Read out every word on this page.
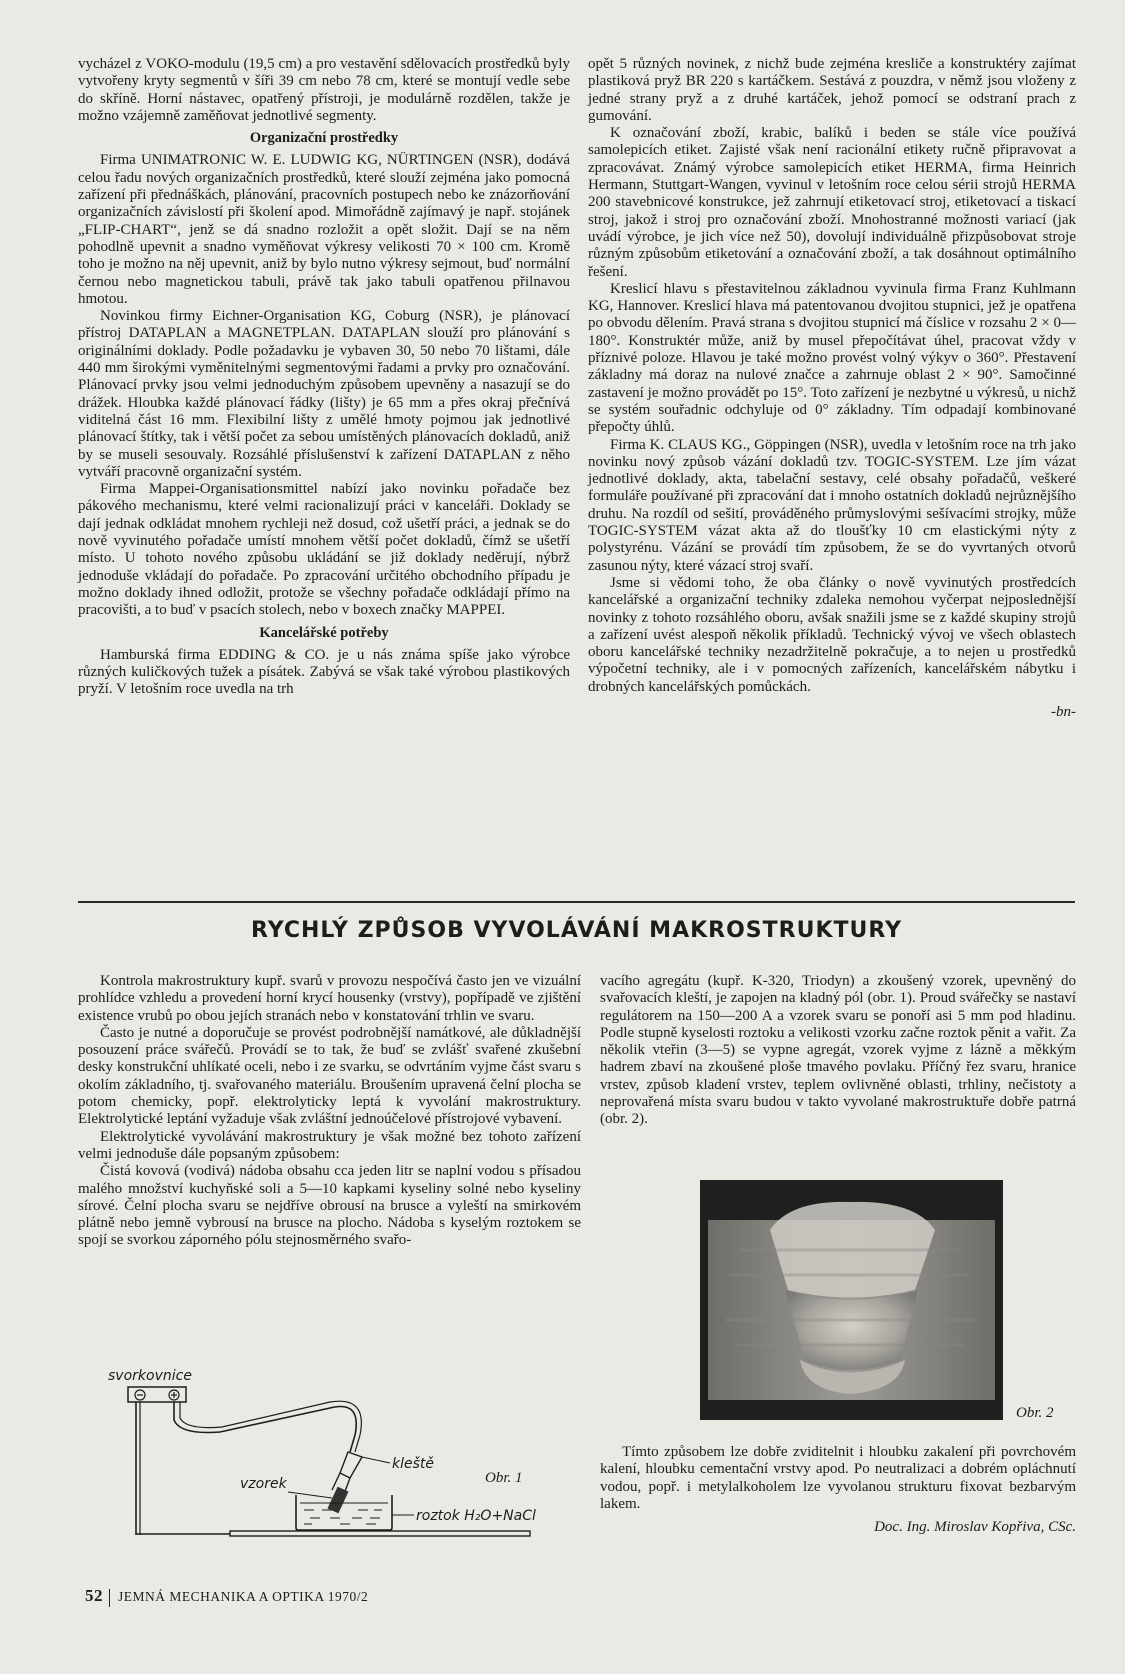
vycházel z VOKO-modulu (19,5 cm) a pro vestavění sdělovacích prostředků byly vytvořeny kryty segmentů v šíři 39 cm nebo 78 cm, které se montují vedle sebe do skříně. Horní nástavec, opatřený přístroji, je modulárně rozdělen, takže je možno vzájemně zaměňovat jednotlivé segmenty.

Organizační prostředky

Firma UNIMATRONIC W. E. LUDWIG KG, NÜRTINGEN (NSR), dodává celou řadu nových organizačních prostředků, které slouží zejména jako pomocná zařízení při přednáškách, plánování, pracovních postupech nebo ke znázorňování organizačních závislostí při školení apod. Mimořádně zajímavý je např. stojánek „FLIP-CHART“, jenž se dá snadno rozložit a opět složit. Dají se na něm pohodlně upevnit a snadno vyměňovat výkresy velikosti 70 × 100 cm. Kromě toho je možno na něj upevnit, aniž by bylo nutno výkresy sejmout, buď normální černou nebo magnetickou tabuli, právě tak jako tabuli opatřenou přilnavou hmotou.

Novinkou firmy Eichner-Organisation KG, Coburg (NSR), je plánovací přístroj DATAPLAN a MAGNETPLAN. DATAPLAN slouží pro plánování s originálními doklady. Podle požadavku je vybaven 30, 50 nebo 70 lištami, dále 440 mm širokými vyměnitelnými segmentovými řadami a prvky pro označování. Plánovací prvky jsou velmi jednoduchým způsobem upevněny a nasazují se do drážek. Hloubka každé plánovací řádky (lišty) je 65 mm a přes okraj přečnívá viditelná část 16 mm. Flexibilní lišty z umělé hmoty pojmou jak jednotlivé plánovací štítky, tak i větší počet za sebou umístěných plánovacích dokladů, aniž by se museli sesouvaly. Rozsáhlé příslušenství k zařízení DATAPLAN z něho vytváří pracovně organizační systém.

Firma Mappei-Organisationsmittel nabízí jako novinku pořadače bez pákového mechanismu, které velmi racionalizují práci v kanceláři. Doklady se dají jednak odkládat mnohem rychleji než dosud, což ušetří práci, a jednak se do nově vyvinutého pořadače umístí mnohem větší počet dokladů, čímž se ušetří místo. U tohoto nového způsobu ukládání se již doklady neděrují, nýbrž jednoduše vkládají do pořadače. Po zpracování určitého obchodního případu je možno doklady ihned odložit, protože se všechny pořadače odkládají přímo na pracovišti, a to buď v psacích stolech, nebo v boxech značky MAPPEI.

Kancelářské potřeby

Hamburská firma EDDING & CO. je u nás známa spíše jako výrobce různých kuličkových tužek a písátek. Zabývá se však také výrobou plastikových pryží. V letošním roce uvedla na trh

opět 5 různých novinek, z nichž bude zejména kresliče a konstruktéry zajímat plastiková pryž BR 220 s kartáčkem. Sestává z pouzdra, v němž jsou vloženy z jedné strany pryž a z druhé kartáček, jehož pomocí se odstraní prach z gumování.

K označování zboží, krabic, balíků i beden se stále více používá samolepicích etiket. Zajisté však není racionální etikety ručně připravovat a zpracovávat. Známý výrobce samolepicích etiket HERMA, firma Heinrich Hermann, Stuttgart-Wangen, vyvinul v letošním roce celou sérii strojů HERMA 200 stavebnicové konstrukce, jež zahrnují etiketovací stroj, etiketovací a tiskací stroj, jakož i stroj pro označování zboží. Mnohostranné možnosti variací (jak uvádí výrobce, je jich více než 50), dovolují individuálně přizpůsobovat stroje různým způsobům etiketování a označování zboží, a tak dosáhnout optimálního řešení.

Kreslicí hlavu s přestavitelnou základnou vyvinula firma Franz Kuhlmann KG, Hannover. Kreslicí hlava má patentovanou dvojitou stupnici, jež je opatřena po obvodu dělením. Pravá strana s dvojitou stupnicí má číslice v rozsahu 2 × 0—180°. Konstruktér může, aniž by musel přepočítávat úhel, pracovat vždy v příznivé poloze. Hlavou je také možno provést volný výkyv o 360°. Přestavení základny má doraz na nulové značce a zahrnuje oblast 2 × 90°. Samočinné zastavení je možno provádět po 15°. Toto zařízení je nezbytné u výkresů, u nichž se systém souřadnic odchyluje od 0° základny. Tím odpadají kombinované přepočty úhlů.

Firma K. CLAUS KG., Göppingen (NSR), uvedla v letošním roce na trh jako novinku nový způsob vázání dokladů tzv. TOGIC-SYSTEM. Lze jím vázat jednotlivé doklady, akta, tabelační sestavy, celé obsahy pořadačů, veškeré formuláře používané při zpracování dat i mnoho ostatních dokladů nejrůznějšího druhu. Na rozdíl od sešití, prováděného průmyslovými sešívacími strojky, může TOGIC-SYSTEM vázat akta až do tloušťky 10 cm elastickými nýty z polystyrénu. Vázání se provádí tím způsobem, že se do vyvrtaných otvorů zasunou nýty, které vázací stroj svaří.

Jsme si vědomi toho, že oba články o nově vyvinutých prostředcích kancelářské a organizační techniky zdaleka nemohou vyčerpat nejposlednější novinky z tohoto rozsáhlého oboru, avšak snažili jsme se z každé skupiny strojů a zařízení uvést alespoň několik příkladů. Technický vývoj ve všech oblastech oboru kancelářské techniky nezadržitelně pokračuje, a to nejen u prostředků výpočetní techniky, ale i v pomocných zařízeních, kancelářském nábytku i drobných kancelářských pomůckách.

-bn-
RYCHLÝ ZPŮSOB VYVOLÁVÁNÍ MAKROSTRUKTURY

Kontrola makrostruktury kupř. svarů v provozu nespočívá často jen ve vizuální prohlídce vzhledu a provedení horní krycí housenky (vrstvy), popřípadě ve zjištění existence vrubů po obou jejích stranách nebo v konstatování trhlin ve svaru.

Často je nutné a doporučuje se provést podrobnější namátkové, ale důkladnější posouzení práce svářečů. Provádí se to tak, že buď se zvlášť svařené zkušební desky konstrukční uhlíkaté oceli, nebo i ze svarku, se odvrtáním vyjme část svaru s okolím základního, tj. svařovaného materiálu. Broušením upravená čelní plocha se potom chemicky, popř. elektrolyticky leptá k vyvolání makrostruktury. Elektrolytické leptání vyžaduje však zvláštní jednoúčelové přístrojové vybavení.

Elektrolytické vyvolávání makrostruktury je však možné bez tohoto zařízení velmi jednoduše dále popsaným způsobem:

Čistá kovová (vodivá) nádoba obsahu cca jeden litr se naplní vodou s přísadou malého množství kuchyňské soli a 5—10 kapkami kyseliny solné nebo kyseliny sírové. Čelní plocha svaru se nejdříve obrousí na brusce a vyleští na smirkovém plátně nebo jemně vybrousí na brusce na plocho. Nádoba s kyselým roztokem se spojí se svorkou záporného pólu stejnosměrného svařo-

vacího agregátu (kupř. K-320, Triodyn) a zkoušený vzorek, upevněný do svařovacích kleští, je zapojen na kladný pól (obr. 1). Proud svářečky se nastaví regulátorem na 150—200 A a vzorek svaru se ponoří asi 5 mm pod hladinu. Podle stupně kyselosti roztoku a velikosti vzorku začne roztok pěnit a vařit. Za několik vteřin (3—5) se vypne agregát, vzorek vyjme z lázně a měkkým hadrem zbaví na zkoušené ploše tmavého povlaku. Příčný řez svaru, hranice vrstev, způsob kladení vrstev, teplem ovlivněné oblasti, trhliny, nečistoty a neprovařená místa svaru budou v takto vyvolané makrostruktuře dobře patrná (obr. 2).

Obr. 2

Tímto způsobem lze dobře zviditelnit i hloubku zakalení při povrchovém kalení, hloubku cementační vrstvy apod. Po neutralizaci a dobrém opláchnutí vodou, popř. i metylalkoholem lze vyvolanou strukturu fixovat bezbarvým lakem.

Doc. Ing. Miroslav Kopřiva, CSc.
svorkovnice
kleště
vzorek
roztok H₂O+NaCl
Obr. 1
52 JEMNÁ MECHANIKA A OPTIKA 1970/2
